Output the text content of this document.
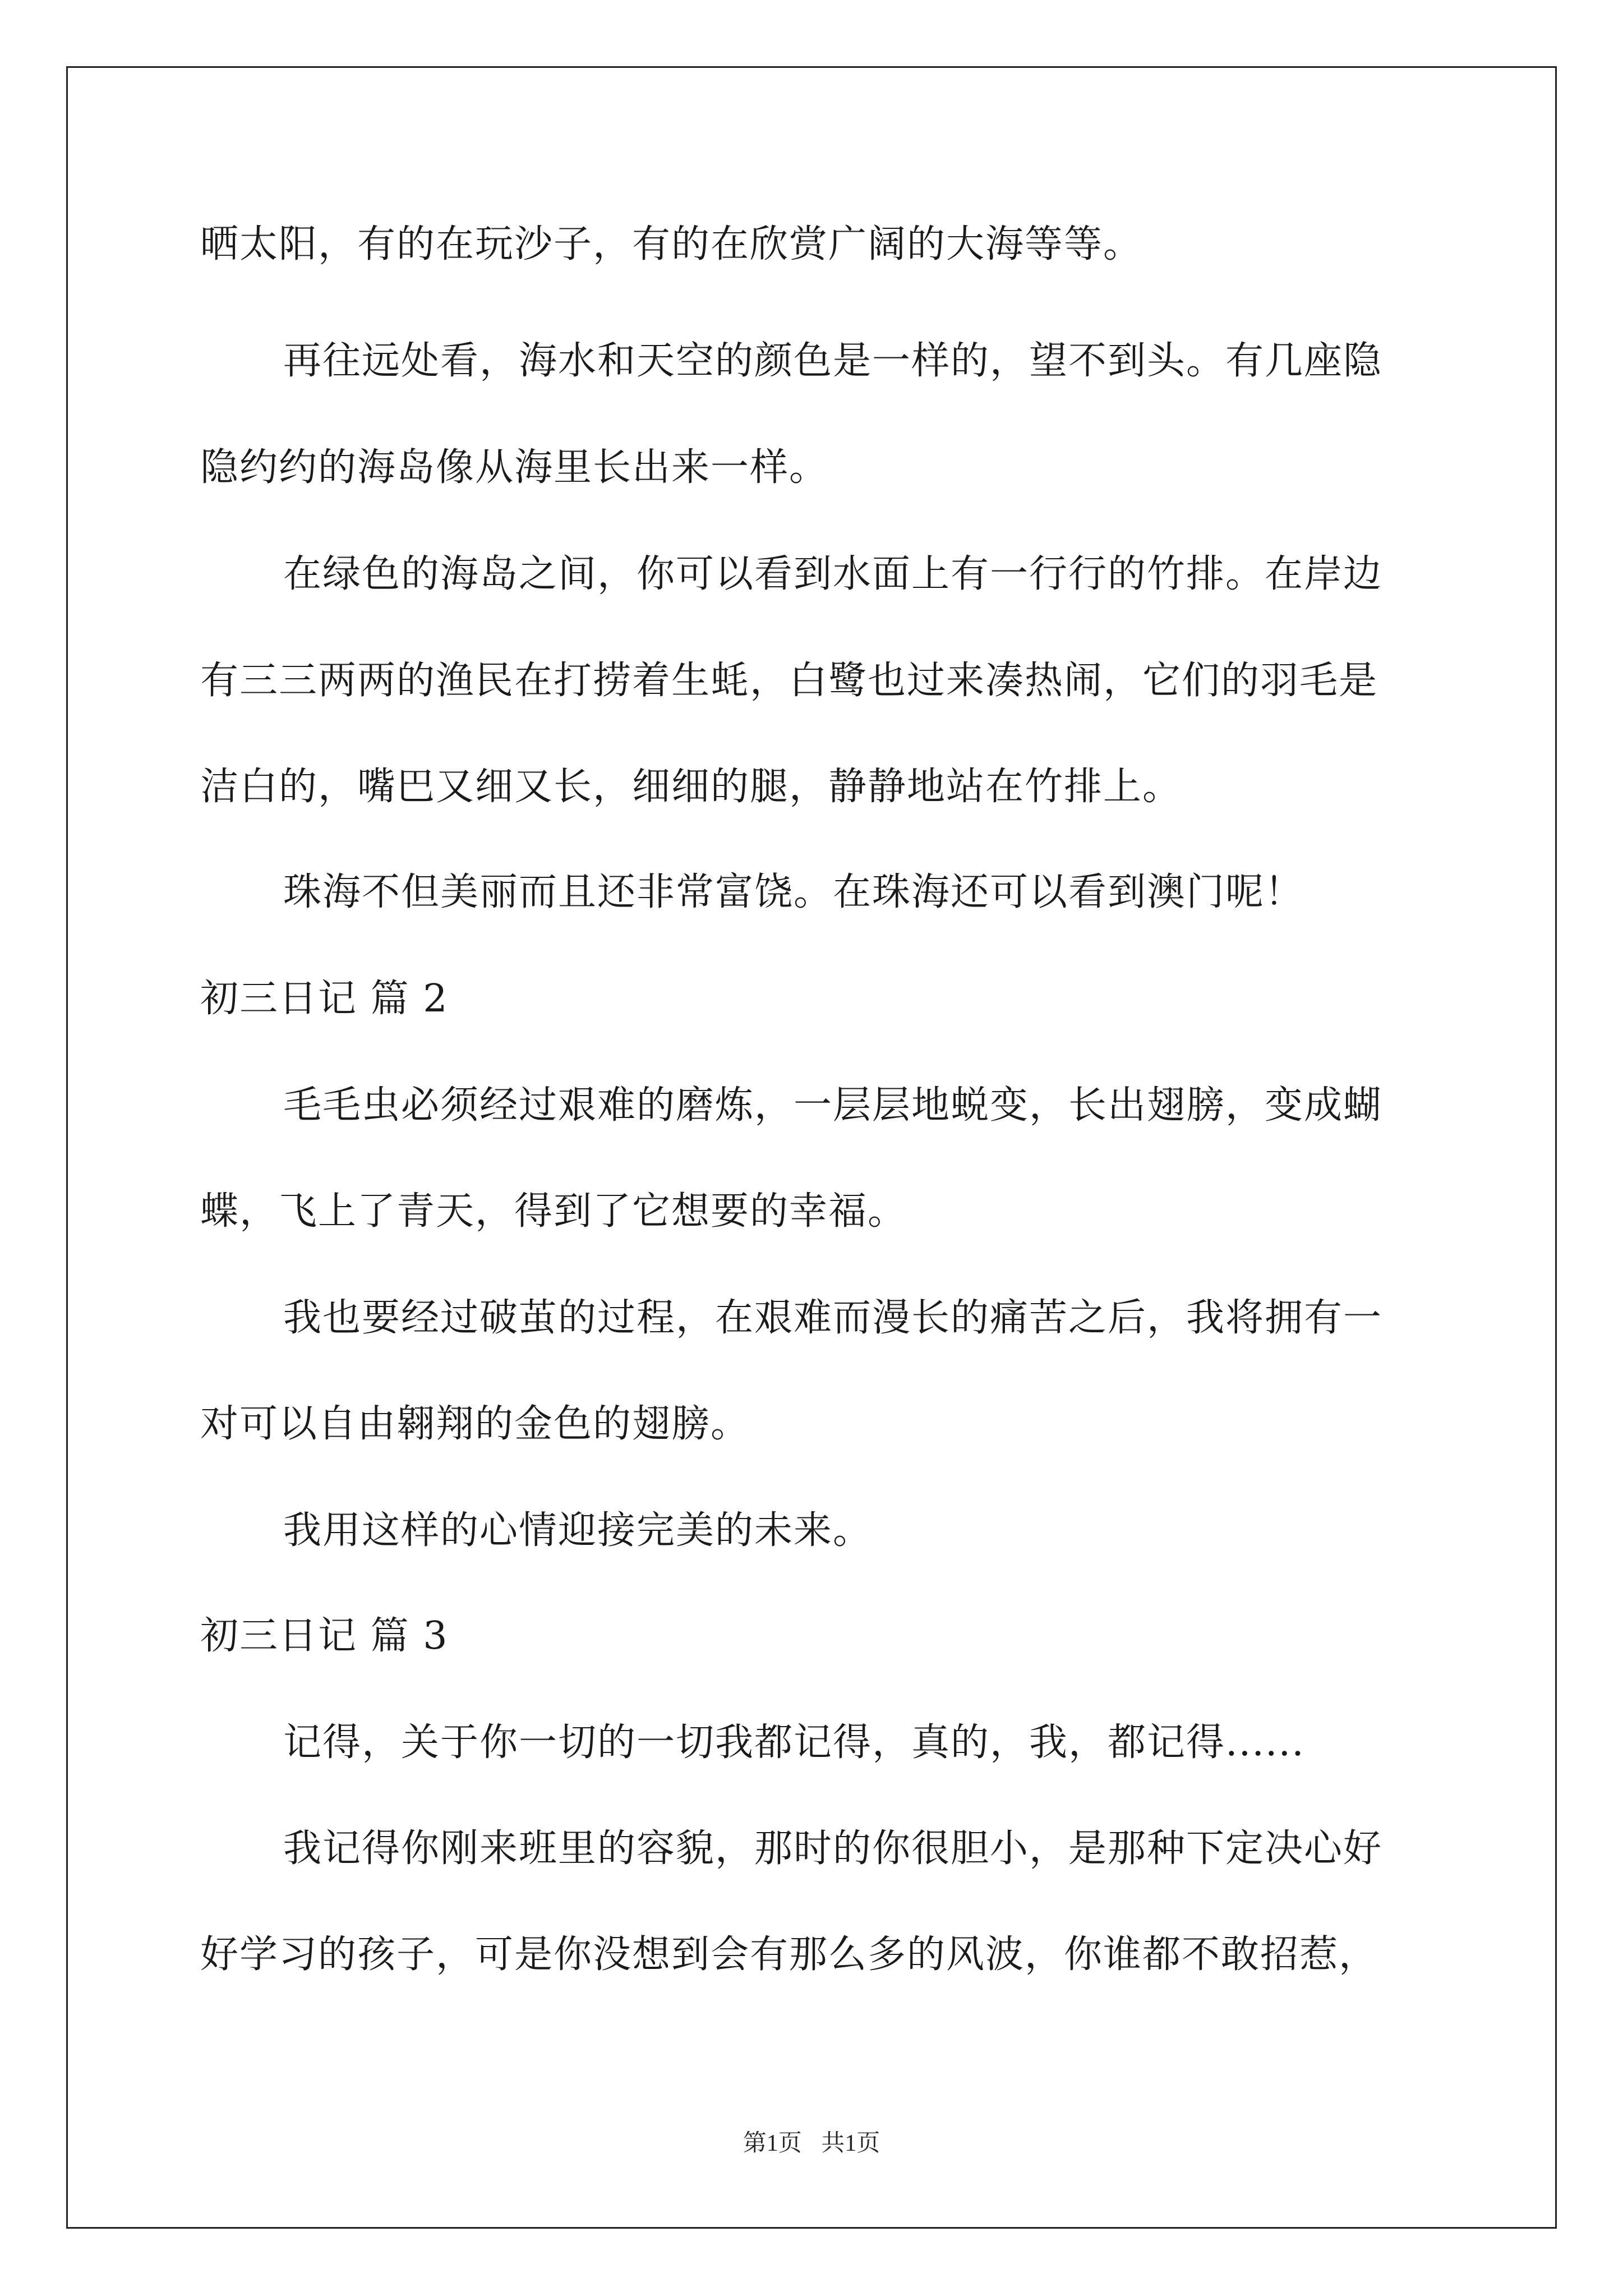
晒太阳，有的在玩沙子，有的在欣赏广阔的大海等等。
再往远处看，海水和天空的颜色是一样的，望不到头。有几座隐
隐约约的海岛像从海里长出来一样。
在绿色的海岛之间，你可以看到水面上有一行行的竹排。在岸边
有三三两两的渔民在打捞着生蚝，白鹭也过来凑热闹，它们的羽毛是
洁白的，嘴巴又细又长，细细的腿，静静地站在竹排上。
珠海不但美丽而且还非常富饶。在珠海还可以看到澳门呢！
初三日记 篇 2
毛毛虫必须经过艰难的磨炼，一层层地蜕变，长出翅膀，变成蝴
蝶，飞上了青天，得到了它想要的幸福。
我也要经过破茧的过程，在艰难而漫长的痛苦之后，我将拥有一
对可以自由翱翔的金色的翅膀。
我用这样的心情迎接完美的未来。
初三日记 篇 3
记得，关于你一切的一切我都记得，真的，我，都记得......
我记得你刚来班里的容貌，那时的你很胆小，是那种下定决心好
好学习的孩子，可是你没想到会有那么多的风波，你谁都不敢招惹，
第1页 共1页
